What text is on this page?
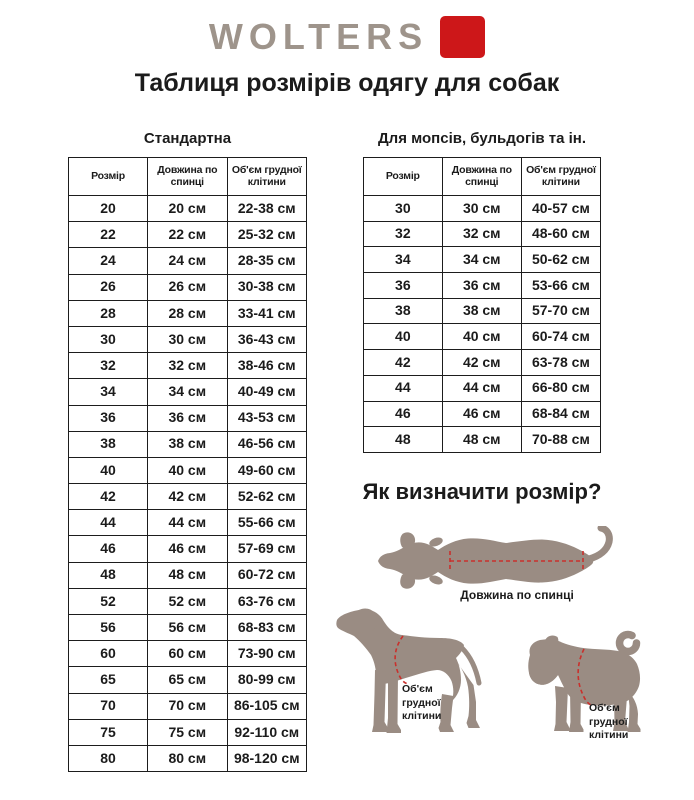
WOLTERS
Таблиця розмірів одягу для собак
Стандартна	Для мопсів, бульдогів та ін.
Розмір	Довжина по спинці	Об'єм грудної клітини
20	20 см	22-38 см
22	22 см	25-32 см
24	24 см	28-35 см
26	26 см	30-38 см
28	28 см	33-41 см
30	30 см	36-43 см
32	32 см	38-46 см
34	34 см	40-49 см
36	36 см	43-53 см
38	38 см	46-56 см
40	40 см	49-60 см
42	42 см	52-62 см
44	44 см	55-66 см
46	46 см	57-69 см
48	48 см	60-72 см
52	52 см	63-76 см
56	56 см	68-83 см
60	60 см	73-90 см
65	65 см	80-99 см
70	70 см	86-105 см
75	75 см	92-110 см
80	80 см	98-120 см
Розмір	Довжина по спинці	Об'єм грудної клітини
30	30 см	40-57 см
32	32 см	48-60 см
34	34 см	50-62 см
36	36 см	53-66 см
38	38 см	57-70 см
40	40 см	60-74 см
42	42 см	63-78 см
44	44 см	66-80 см
46	46 см	68-84 см
48	48 см	70-88 см
Як визначити розмір?
Довжина по спинці
Об'єм
грудної
клітини
Об'єм
грудної
клітини
